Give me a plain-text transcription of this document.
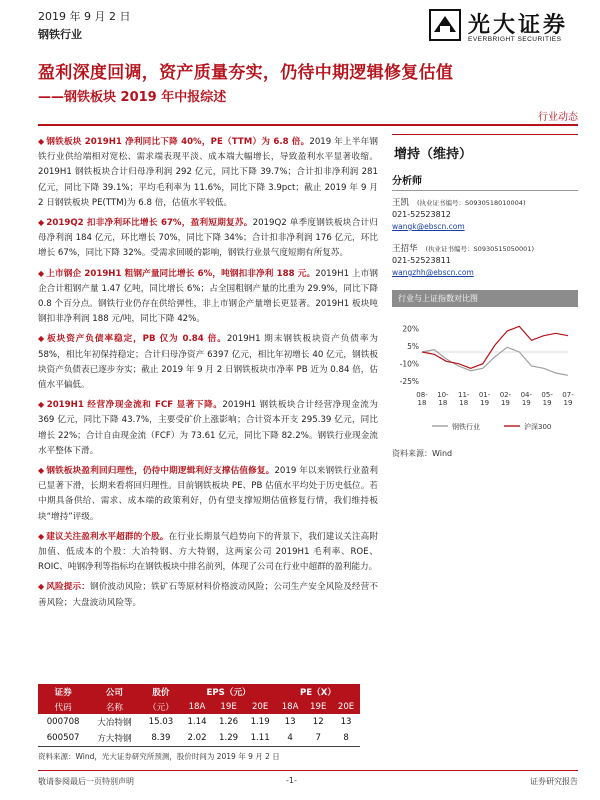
2019 年 9 月 2 日
钢铁行业	光大证券
EVERBRIGHT SECURITIES
盈利深度回调，资产质量夯实，仍待中期逻辑修复估值
——钢铁板块 2019 年中报综述
行业动态

◆ 钢铁板块 2019H1 净利同比下降 40%，PE（TTM）为 6.8 倍。2019 年上半年钢铁行业供给端相对宽松、需求端表现平淡、成本端大幅增长，导致盈利水平显著收缩。2019H1 钢铁板块合计归母净利润 292 亿元，同比下降 39.7%；合计扣非净利润 281 亿元，同比下降 39.1%；平均毛利率为 11.6%，同比下降 3.9pct；截止 2019 年 9 月 2 日钢铁板块 PE(TTM)为 6.8 倍，估值水平较低。

◆ 2019Q2 扣非净利环比增长 67%，盈利短期复苏。2019Q2 单季度钢铁板块合计归母净利润 184 亿元，环比增长 70%，同比下降 34%；合计扣非净利润 176 亿元，环比增长 67%，同比下降 32%。受需求回暖的影响，钢铁行业景气度短期有所复苏。

◆ 上市钢企 2019H1 粗钢产量同比增长 6%，吨钢扣非净利 188 元。2019H1 上市钢企合计粗钢产量 1.47 亿吨，同比增长 6%；占全国粗钢产量的比重为 29.9%，同比下降 0.8 个百分点。钢铁行业仍存在供给弹性，非上市钢企产量增长更显著。2019H1 板块吨钢扣非净利润 188 元/吨，同比下降 42%。

◆ 板块资产负债率稳定，PB 仅为 0.84 倍。2019H1 期末钢铁板块资产负债率为 58%，相比年初保持稳定；合计归母净资产 6397 亿元，相比年初增长 40 亿元，钢铁板块资产负债表已逐步夯实；截止 2019 年 9 月 2 日钢铁板块市净率 PB 近为 0.84 倍，估值水平偏低。

◆ 2019H1 经营净现金流和 FCF 显著下降。2019H1 钢铁板块合计经营净现金流为 369 亿元，同比下降 43.7%，主要受矿价上涨影响；合计资本开支 295.39 亿元，同比增长 22%；合计自由现金流（FCF）为 73.61 亿元，同比下降 82.2%。钢铁行业现金流水平整体下滑。

◆ 钢铁板块盈利回归理性，仍待中期逻辑利好支撑估值修复。2019 年以来钢铁行业盈利已显著下滑，长期来看将回归理性。目前钢铁板块 PE、PB 估值水平均处于历史低位。若中期具备供给、需求、成本端的政策利好，仍有望支撑短期估值修复行情，我们维持板块“增持”评级。

◆ 建议关注盈利水平超群的个股。在行业长期景气趋势向下的背景下，我们建议关注高附加值、低成本的个股：大冶特钢、方大特钢，这两家公司 2019H1 毛利率、ROE、ROIC、吨钢净利等指标均在钢铁板块中排名前列，体现了公司在行业中超群的盈利能力。

◆ 风险提示：钢价波动风险；铁矿石等原材料价格波动风险；公司生产安全风险及经营不善风险；大盘波动风险等。

增持（维持）
分析师
王凯 (执业证书编号：S0930518010004)
021-52523812
wangk@ebscn.com
王招华 (执业证书编号：S0930515050001)
021-52523811
wangzhh@ebscn.com
行业与上证指数对比图
20%
5%
-10%
-25%
08-18
10-18
11-18
01-19
02-19
04-19
05-19
07-19
钢铁行业	沪深300
资料来源：Wind
证券	公司	股价	EPS（元）			PE（X）		
代码	名称	（元）	18A	19E	20E	18A	19E	20E
000708	大冶特钢	15.03	1.14	1.26	1.19	13	12	13
600507	方大特钢	8.39	2.02	1.29	1.11	4	7	8
资料来源：Wind，光大证券研究所预测，股价时间为 2019 年 9 月 2 日
敬请参阅最后一页特别声明	-1-	证券研究报告
